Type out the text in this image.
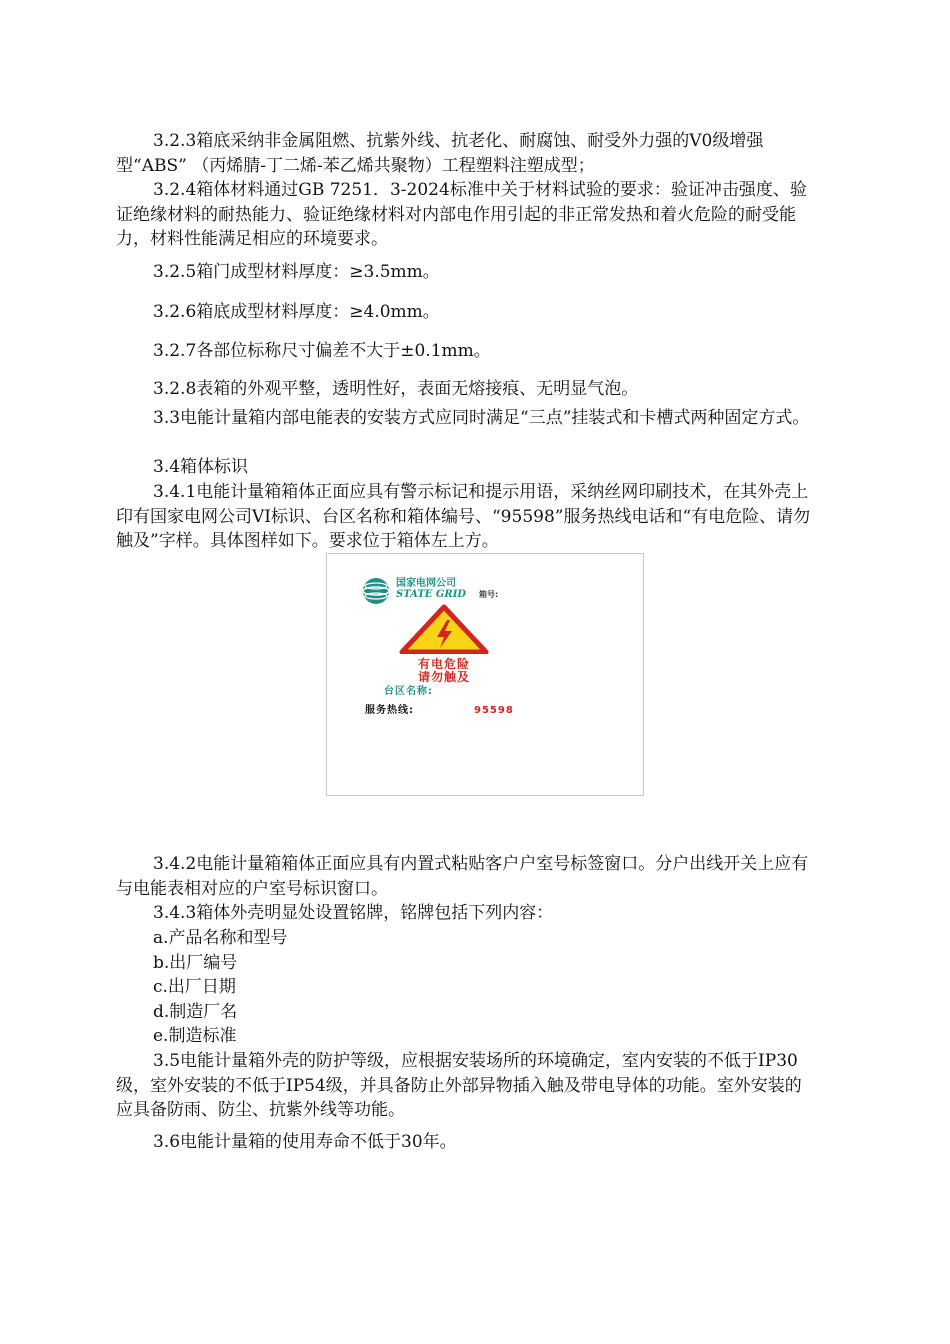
3.2.3箱底采纳非金属阻燃、抗紫外线、抗老化、耐腐蚀、耐受外力强的V0级增强型“ABS” （丙烯腈-丁二烯-苯乙烯共聚物）工程塑料注塑成型；

3.2.4箱体材料通过GB 7251．3-2024标准中关于材料试验的要求：验证冲击强度、验证绝缘材料的耐热能力、验证绝缘材料对内部电作用引起的非正常发热和着火危险的耐受能力，材料性能满足相应的环境要求。

3.2.5箱门成型材料厚度：≥3.5mm。

3.2.6箱底成型材料厚度：≥4.0mm。

3.2.7各部位标称尺寸偏差不大于±0.1mm。

3.2.8表箱的外观平整，透明性好，表面无熔接痕、无明显气泡。

3.3电能计量箱内部电能表的安装方式应同时满足“三点”挂装式和卡槽式两种固定方式。

3.4箱体标识

3.4.1电能计量箱箱体正面应具有警示标记和提示用语，采纳丝网印刷技术，在其外壳上印有国家电网公司VI标识、台区名称和箱体编号、“95598”服务热线电话和“有电危险、请勿触及”字样。具体图样如下。要求位于箱体左上方。

国家电网公司
STATE GRID 箱号:
有电危险
请勿触及
台区名称:
服务热线:	95598

3.4.2电能计量箱箱体正面应具有内置式粘贴客户户室号标签窗口。分户出线开关上应有与电能表相对应的户室号标识窗口。

3.4.3箱体外壳明显处设置铭牌，铭牌包括下列内容：

a.产品名称和型号

b.出厂编号

c.出厂日期

d.制造厂名

e.制造标准

3.5电能计量箱外壳的防护等级，应根据安装场所的环境确定，室内安装的不低于IP30级，室外安装的不低于IP54级，并具备防止外部异物插入触及带电导体的功能。室外安装的应具备防雨、防尘、抗紫外线等功能。

3.6电能计量箱的使用寿命不低于30年。
